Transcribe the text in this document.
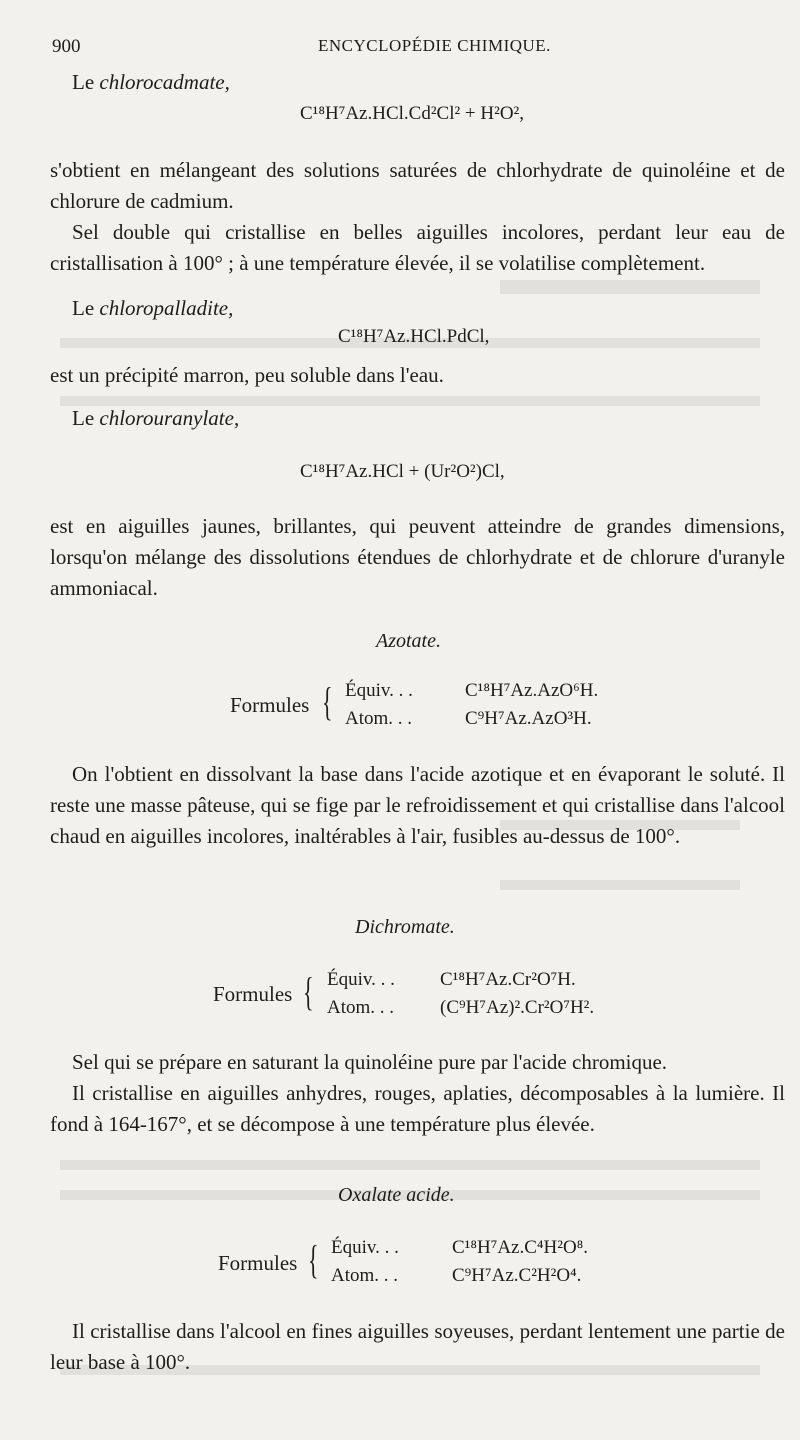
900	ENCYCLOPÉDIE CHIMIQUE.
Le chlorocadmate,
C¹⁸H⁷Az.HCl.Cd²Cl² + H²O²,

s'obtient en mélangeant des solutions saturées de chlorhydrate de quinoléine et de chlorure de cadmium.

Sel double qui cristallise en belles aiguilles incolores, perdant leur eau de cristallisation à 100° ; à une température élevée, il se volatilise complètement.

Le chloropalladite,
C¹⁸H⁷Az.HCl.PdCl,

est un précipité marron, peu soluble dans l'eau.

Le chlorouranylate,
C¹⁸H⁷Az.HCl + (Ur²O²)Cl,

est en aiguilles jaunes, brillantes, qui peuvent atteindre de grandes dimensions, lorsqu'on mélange des dissolutions étendues de chlorhydrate et de chlorure d'uranyle ammoniacal.

Azotate.
Formules { Équiv. . .	C¹⁸H⁷Az.AzO⁶H.
Atom. . .	C⁹H⁷Az.AzO³H.

On l'obtient en dissolvant la base dans l'acide azotique et en évaporant le soluté. Il reste une masse pâteuse, qui se fige par le refroidissement et qui cristallise dans l'alcool chaud en aiguilles incolores, inaltérables à l'air, fusibles au-dessus de 100°.

Dichromate.
Formules { Équiv. . . C¹⁸H⁷Az.Cr²O⁷H.
Atom. . . (C⁹H⁷Az)².Cr²O⁷H².

Sel qui se prépare en saturant la quinoléine pure par l'acide chromique.

Il cristallise en aiguilles anhydres, rouges, aplaties, décomposables à la lumière. Il fond à 164-167°, et se décompose à une température plus élevée.

Oxalate acide.
Formules { Équiv. . .	C¹⁸H⁷Az.C⁴H²O⁸.
Atom. . .	C⁹H⁷Az.C²H²O⁴.

Il cristallise dans l'alcool en fines aiguilles soyeuses, perdant lentement une partie de leur base à 100°.
